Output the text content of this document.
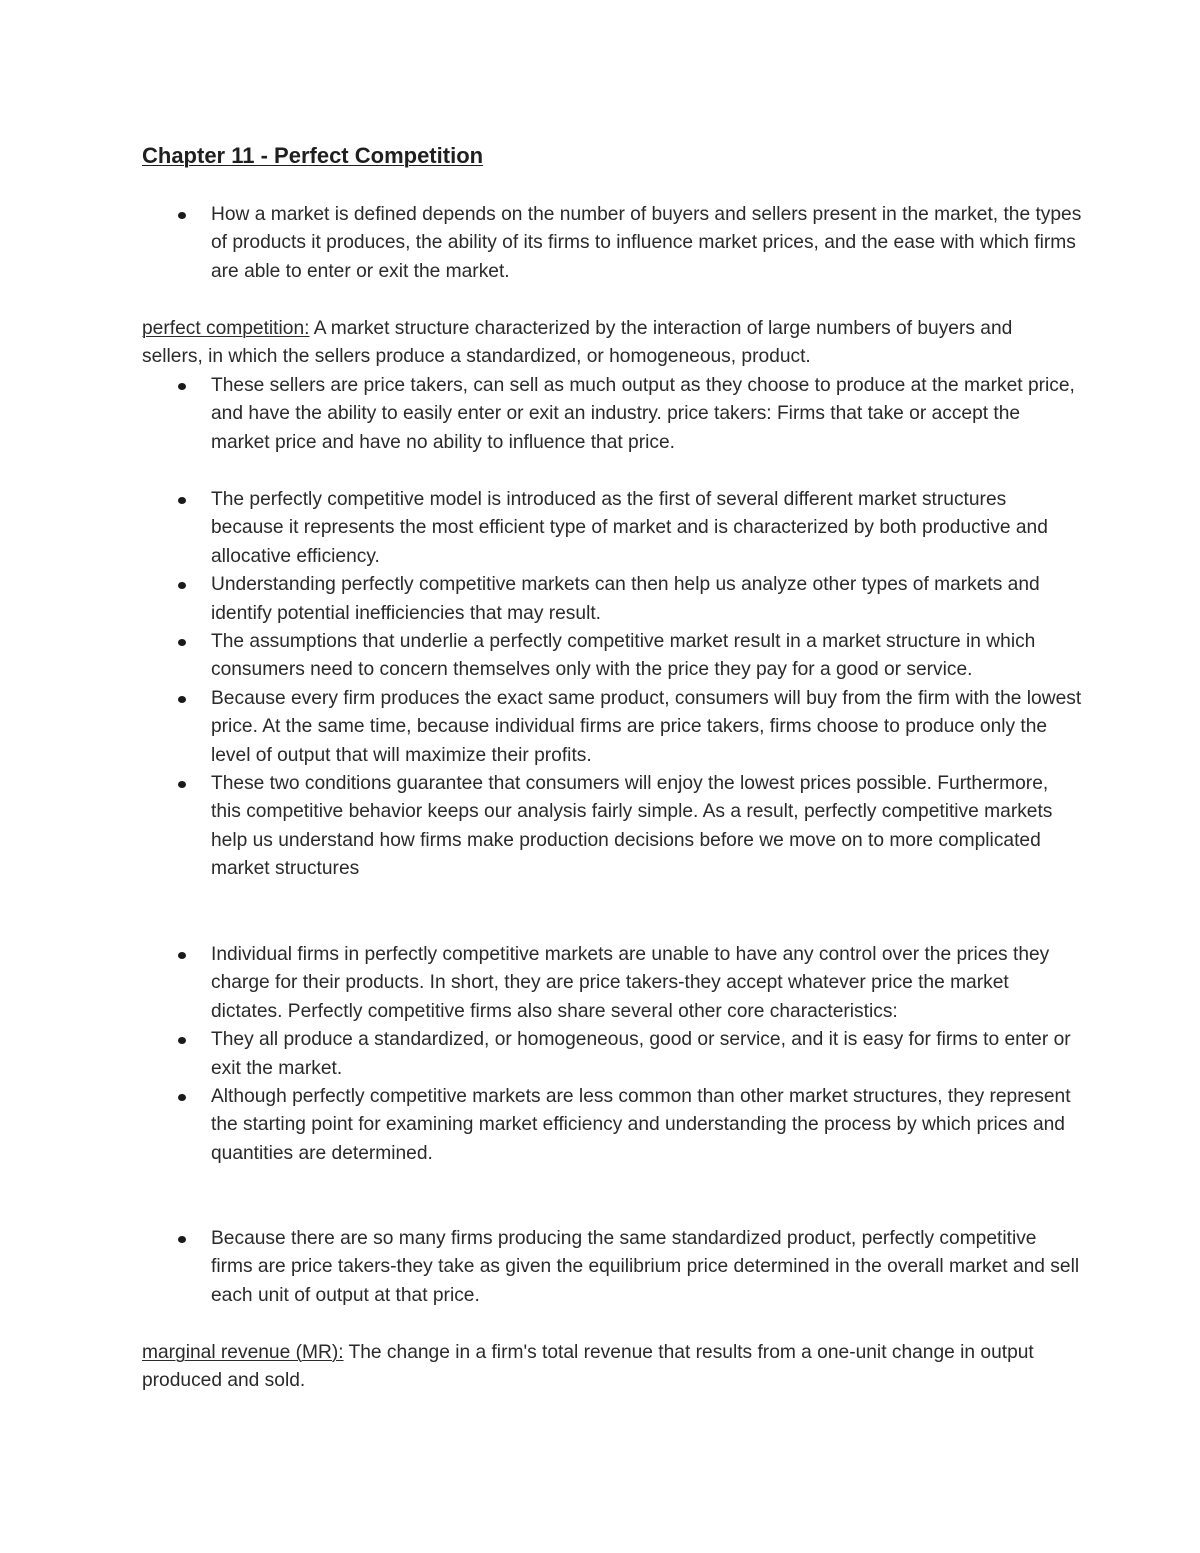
Chapter 11 - Perfect Competition
How a market is defined depends on the number of buyers and sellers present in the market, the types of products it produces, the ability of its firms to influence market prices, and the ease with which firms are able to enter or exit the market.

perfect competition: A market structure characterized by the interaction of large numbers of buyers and sellers, in which the sellers produce a standardized, or homogeneous, product.

These sellers are price takers, can sell as much output as they choose to produce at the market price, and have the ability to easily enter or exit an industry. price takers: Firms that take or accept the market price and have no ability to influence that price.
The perfectly competitive model is introduced as the first of several different market structures because it represents the most efficient type of market and is characterized by both productive and allocative efficiency.
Understanding perfectly competitive markets can then help us analyze other types of markets and identify potential inefficiencies that may result.
The assumptions that underlie a perfectly competitive market result in a market structure in which consumers need to concern themselves only with the price they pay for a good or service.
Because every firm produces the exact same product, consumers will buy from the firm with the lowest price. At the same time, because individual firms are price takers, firms choose to produce only the level of output that will maximize their profits.
These two conditions guarantee that consumers will enjoy the lowest prices possible. Furthermore, this competitive behavior keeps our analysis fairly simple. As a result, perfectly competitive markets help us understand how firms make production decisions before we move on to more complicated market structures
Individual firms in perfectly competitive markets are unable to have any control over the prices they charge for their products. In short, they are price takers-they accept whatever price the market dictates. Perfectly competitive firms also share several other core characteristics:
They all produce a standardized, or homogeneous, good or service, and it is easy for firms to enter or exit the market.
Although perfectly competitive markets are less common than other market structures, they represent the starting point for examining market efficiency and understanding the process by which prices and quantities are determined.
Because there are so many firms producing the same standardized product, perfectly competitive firms are price takers-they take as given the equilibrium price determined in the overall market and sell each unit of output at that price.

marginal revenue (MR): The change in a firm's total revenue that results from a one-unit change in output produced and sold.
